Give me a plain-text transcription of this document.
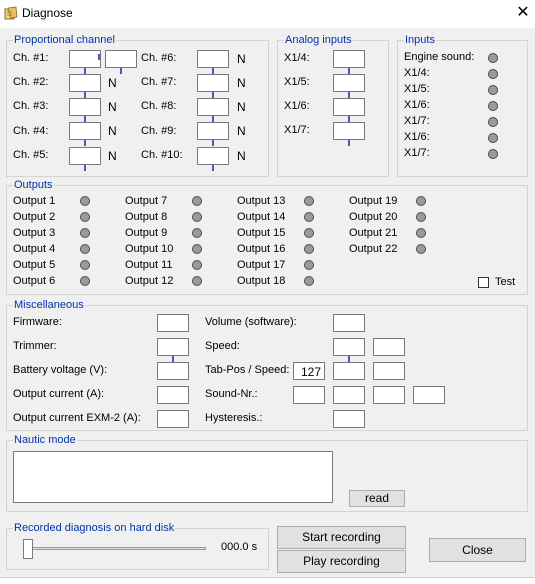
Diagnose	✕
Proportional channel
Ch. #1:
Ch. #2:
Ch. #3:
Ch. #4:
Ch. #5:
N
N
N
N
Ch. #6:
Ch. #7:
Ch. #8:
Ch. #9:
Ch. #10:
N
N
N
N
N
Analog inputs
X1/4:
X1/5:
X1/6:
X1/7:
Inputs
Engine sound:
X1/4:
X1/5:
X1/6:
X1/7:
X1/6:
X1/7:
Outputs
Output 1
Output 2
Output 3
Output 4
Output 5
Output 6
Output 7
Output 8
Output 9
Output 10
Output 11
Output 12
Output 13
Output 14
Output 15
Output 16
Output 17
Output 18
Output 19
Output 20
Output 21
Output 22
Test
Miscellaneous
Firmware:
Trimmer:
Battery voltage (V):
Output current (A):
Output current EXM-2 (A):
Volume (software):
Speed:
Tab-Pos / Speed:
Sound-Nr.:
Hysteresis.:
127
Nautic mode
read
Recorded diagnosis on hard disk
000.0 s
Start recording
Play recording
Close
